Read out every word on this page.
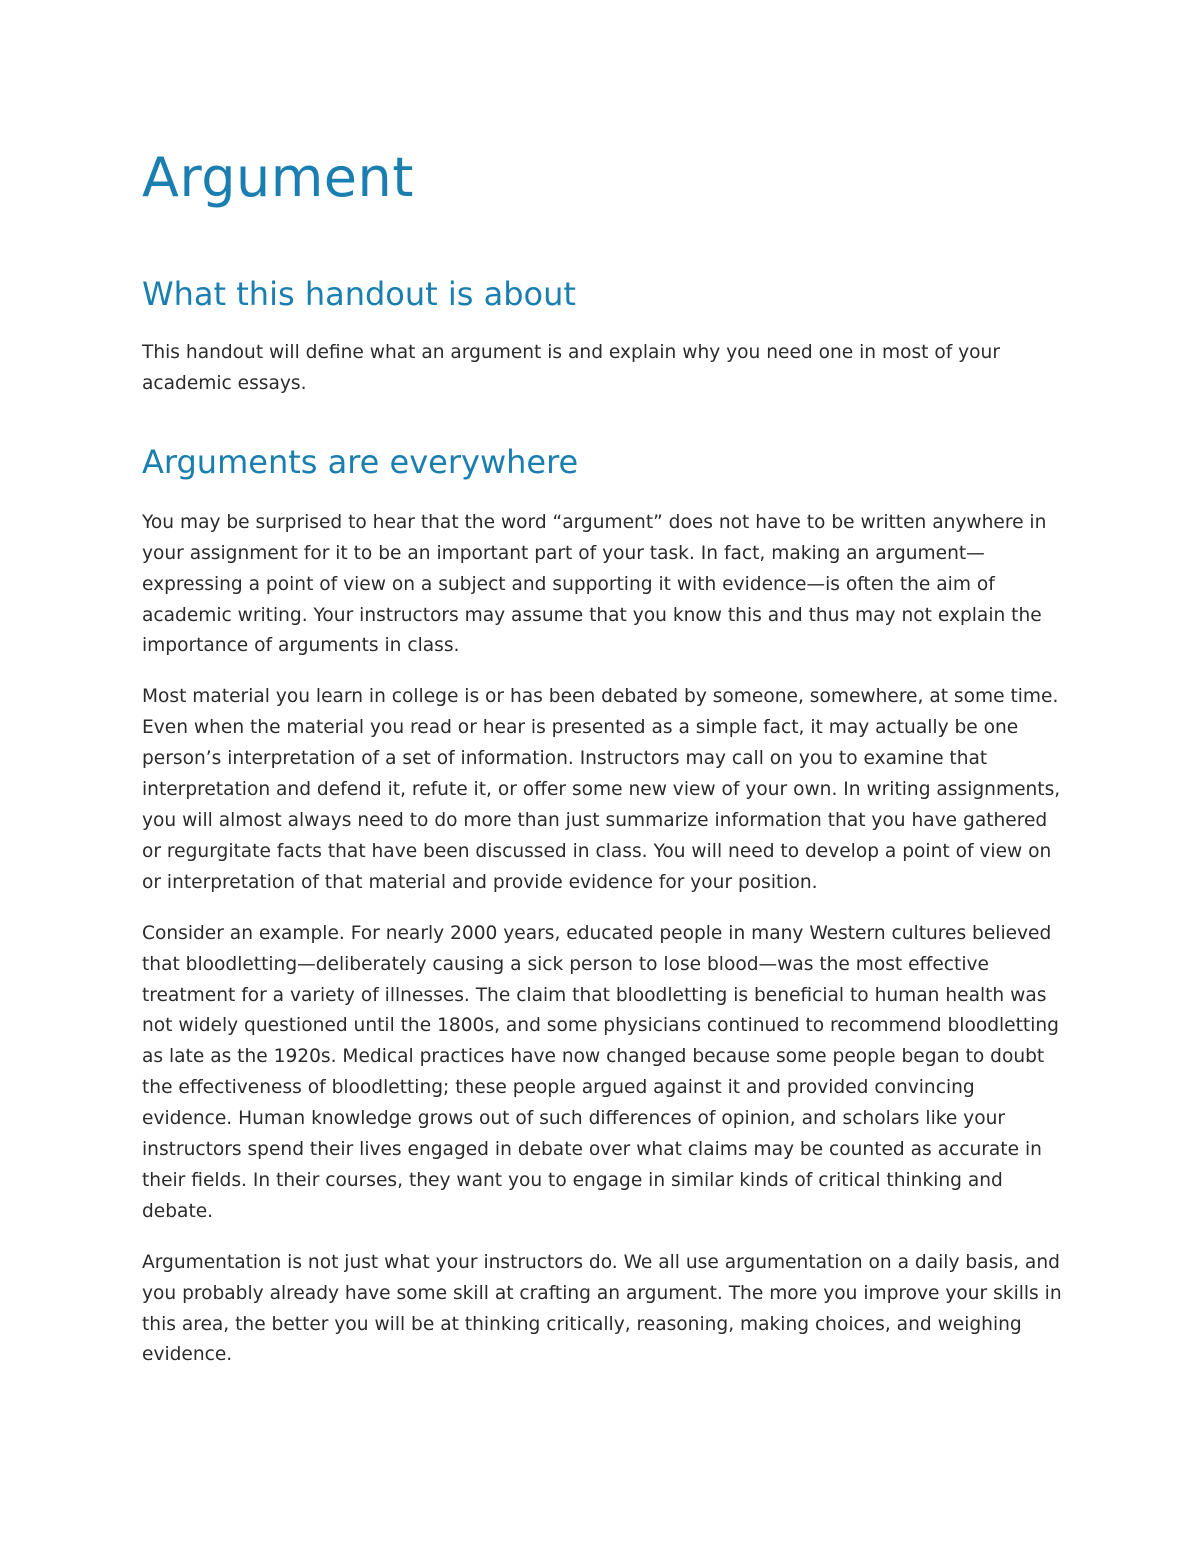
Argument
What this handout is about

This handout will define what an argument is and explain why you need one in most of your academic essays.

Arguments are everywhere

You may be surprised to hear that the word “argument” does not have to be written anywhere in your assignment for it to be an important part of your task. In fact, making an argument—expressing a point of view on a subject and supporting it with evidence—is often the aim of academic writing. Your instructors may assume that you know this and thus may not explain the importance of arguments in class.

Most material you learn in college is or has been debated by someone, somewhere, at some time. Even when the material you read or hear is presented as a simple fact, it may actually be one person’s interpretation of a set of information. Instructors may call on you to examine that interpretation and defend it, refute it, or offer some new view of your own. In writing assignments, you will almost always need to do more than just summarize information that you have gathered or regurgitate facts that have been discussed in class. You will need to develop a point of view on or interpretation of that material and provide evidence for your position.

Consider an example. For nearly 2000 years, educated people in many Western cultures believed that bloodletting—deliberately causing a sick person to lose blood—was the most effective treatment for a variety of illnesses. The claim that bloodletting is beneficial to human health was not widely questioned until the 1800s, and some physicians continued to recommend bloodletting as late as the 1920s. Medical practices have now changed because some people began to doubt the effectiveness of bloodletting; these people argued against it and provided convincing evidence. Human knowledge grows out of such differences of opinion, and scholars like your instructors spend their lives engaged in debate over what claims may be counted as accurate in their fields. In their courses, they want you to engage in similar kinds of critical thinking and debate.

Argumentation is not just what your instructors do. We all use argumentation on a daily basis, and you probably already have some skill at crafting an argument. The more you improve your skills in this area, the better you will be at thinking critically, reasoning, making choices, and weighing evidence.
